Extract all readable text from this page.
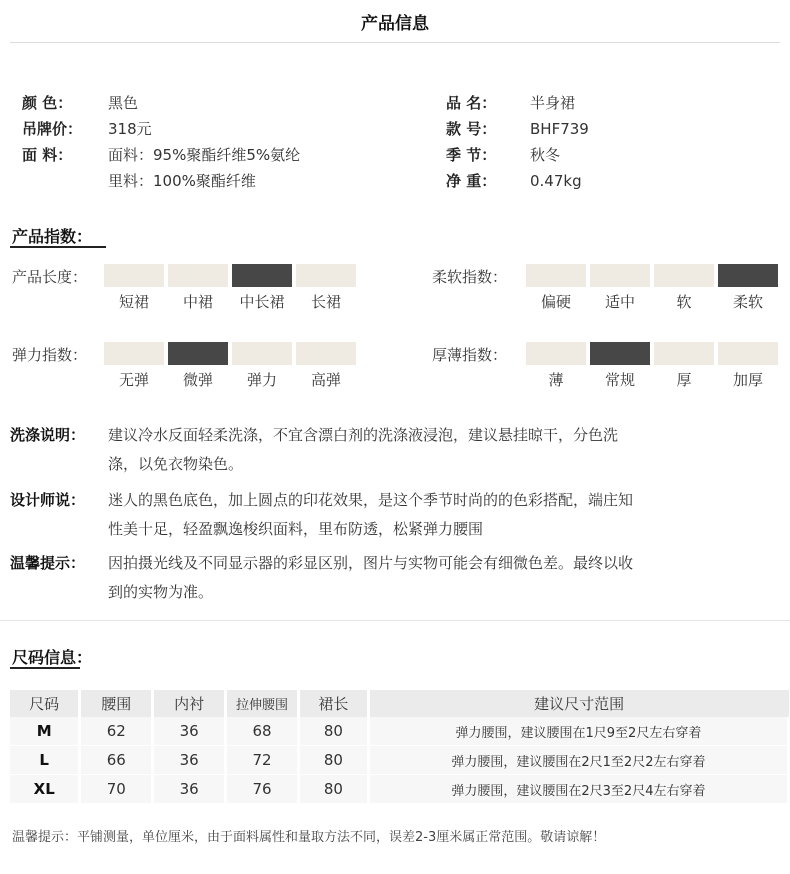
产品信息
颜 色： 黑色
吊牌价： 318元
面 料： 面料：95%聚酯纤维5%氨纶
里料：100%聚酯纤维
品 名： 半身裙
款 号： BHF739
季 节： 秋冬
净 重： 0.47kg
产品指数：
产品长度：
短裙	中裙	中长裙	长裙
柔软指数：
偏硬	适中	软	柔软
弹力指数：
无弹	微弹	弹力	高弹
厚薄指数：
薄	常规	厚	加厚
洗涤说明：	建议冷水反面轻柔洗涤，不宜含漂白剂的洗涤液浸泡，建议悬挂晾干，分色洗
涤，以免衣物染色。
设计师说：	迷人的黑色底色，加上圆点的印花效果，是这个季节时尚的的色彩搭配，端庄知
性美十足，轻盈飘逸梭织面料，里布防透，松紧弹力腰围
温馨提示：	因拍摄光线及不同显示器的彩显区别，图片与实物可能会有细微色差。最终以收
到的实物为准。
尺码信息：
尺码	腰围	内衬	拉伸腰围	裙长	建议尺寸范围
M	62	36	68	80	弹力腰围，建议腰围在1尺9至2尺左右穿着
L	66	36	72	80	弹力腰围，建议腰围在2尺1至2尺2左右穿着
XL	70	36	76	80	弹力腰围，建议腰围在2尺3至2尺4左右穿着
温馨提示：平铺测量，单位厘米，由于面料属性和量取方法不同，误差2-3厘米属正常范围。敬请谅解！
